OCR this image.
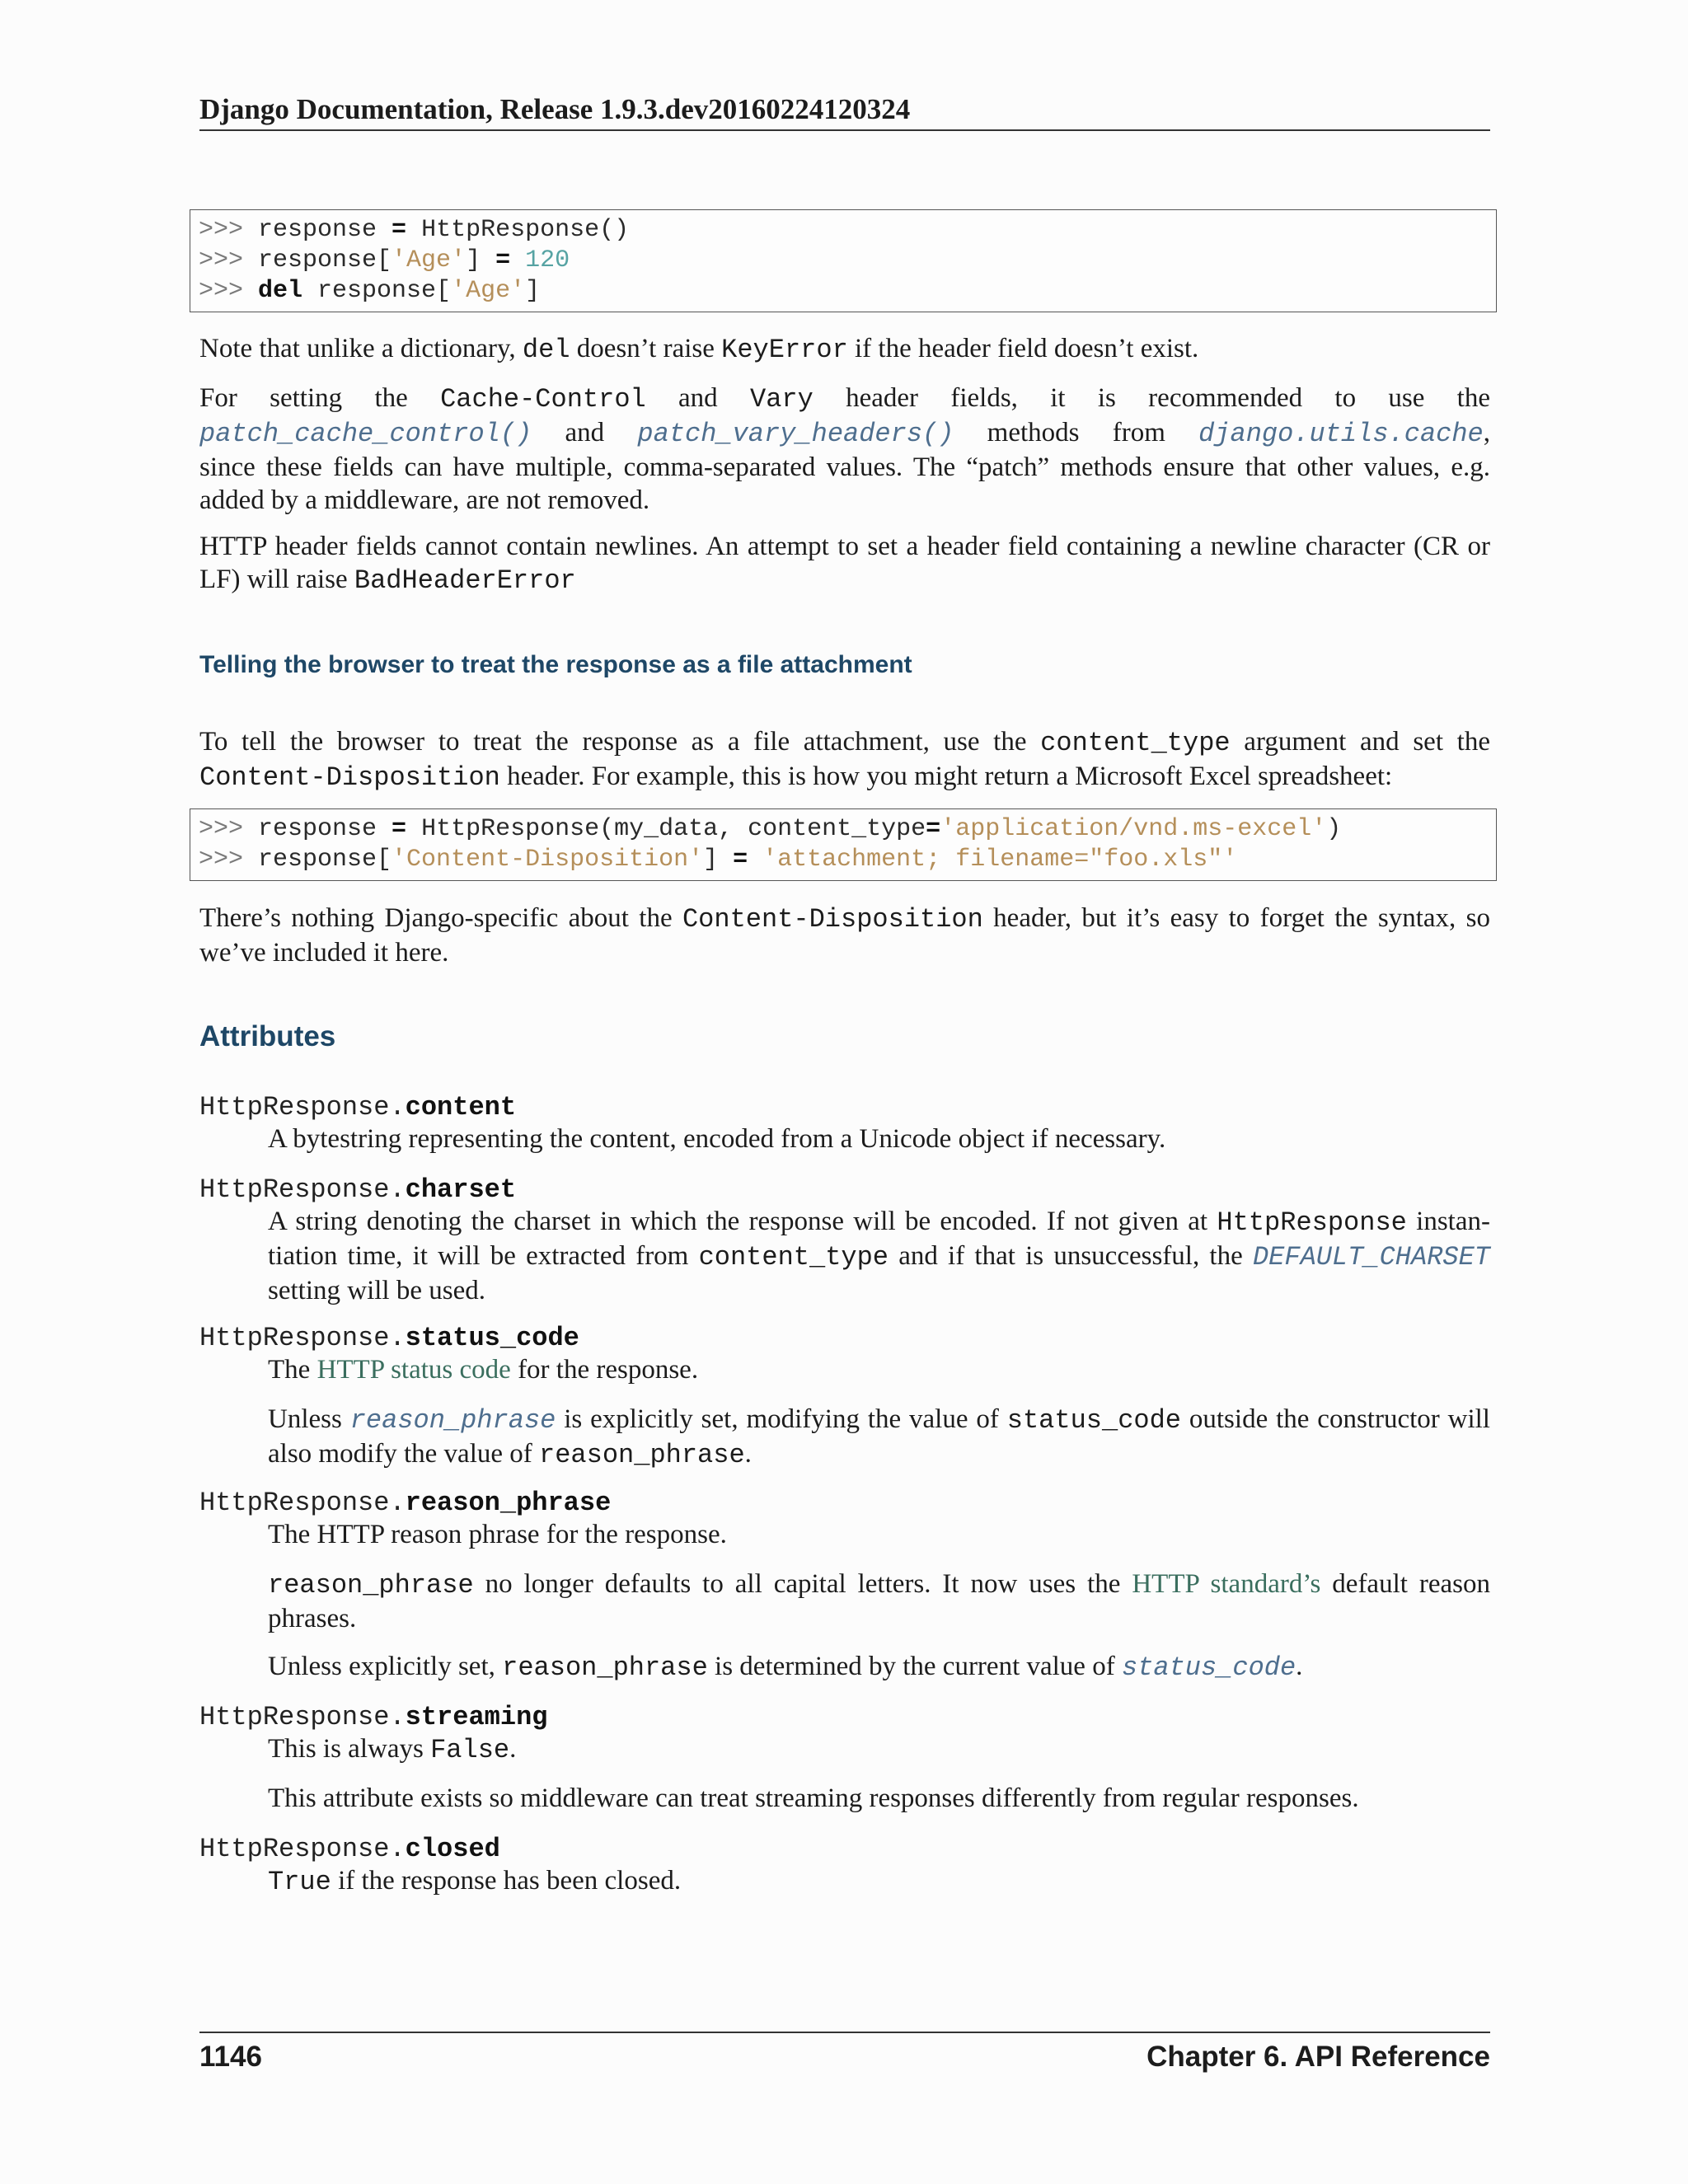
Django Documentation, Release 1.9.3.dev20160224120324
>>> response = HttpResponse()
>>> response['Age'] = 120
>>> del response['Age']
Note that unlike a dictionary, del doesn’t raise KeyError if the header field doesn’t exist.
For setting the Cache-Control and Vary header fields, it is recommended to use the
patch_cache_control() and patch_vary_headers() methods from django.utils.cache,
since these fields can have multiple, comma-separated values. The “patch” methods ensure that other values, e.g.
added by a middleware, are not removed.
HTTP header fields cannot contain newlines. An attempt to set a header field containing a newline character (CR or
LF) will raise BadHeaderError
Telling the browser to treat the response as a file attachment
To tell the browser to treat the response as a file attachment, use the content_type argument and set the
Content-Disposition header. For example, this is how you might return a Microsoft Excel spreadsheet:
>>> response = HttpResponse(my_data, content_type='application/vnd.ms-excel')
>>> response['Content-Disposition'] = 'attachment; filename="foo.xls"'
There’s nothing Django-specific about the Content-Disposition header, but it’s easy to forget the syntax, so
we’ve included it here.
Attributes
HttpResponse.content
A bytestring representing the content, encoded from a Unicode object if necessary.
HttpResponse.charset
A string denoting the charset in which the response will be encoded. If not given at HttpResponse instan-
tiation time, it will be extracted from content_type and if that is unsuccessful, the DEFAULT_CHARSET
setting will be used.
HttpResponse.status_code
The HTTP status code for the response.
Unless reason_phrase is explicitly set, modifying the value of status_code outside the constructor will
also modify the value of reason_phrase.
HttpResponse.reason_phrase
The HTTP reason phrase for the response.
reason_phrase no longer defaults to all capital letters. It now uses the HTTP standard’s default reason
phrases.
Unless explicitly set, reason_phrase is determined by the current value of status_code.
HttpResponse.streaming
This is always False.
This attribute exists so middleware can treat streaming responses differently from regular responses.
HttpResponse.closed
True if the response has been closed.
1146	Chapter 6. API Reference
